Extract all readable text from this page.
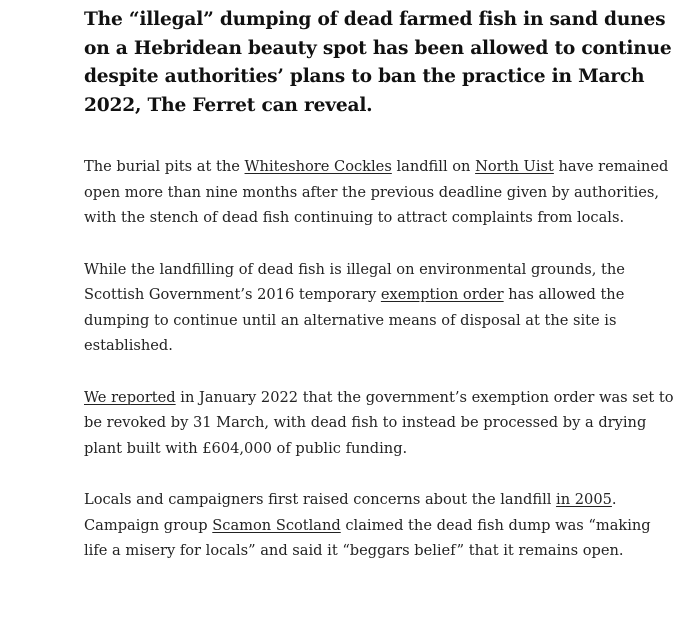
The “illegal” dumping of dead farmed fish in sand dunes on a Hebridean beauty spot has been allowed to continue despite authorities’ plans to ban the practice in March 2022, The Ferret can reveal.

The burial pits at the Whiteshore Cockles landfill on North Uist have remained open more than nine months after the previous deadline given by authorities, with the stench of dead fish continuing to attract complaints from locals.

While the landfilling of dead fish is illegal on environmental grounds, the Scottish Government’s 2016 temporary exemption order has allowed the dumping to continue until an alternative means of disposal at the site is established.

We reported in January 2022 that the government’s exemption order was set to be revoked by 31 March, with dead fish to instead be processed by a drying plant built with £604,000 of public funding.

Locals and campaigners first raised concerns about the landfill in 2005. Campaign group Scamon Scotland claimed the dead fish dump was “making life a misery for locals” and said it “beggars belief” that it remains open.
